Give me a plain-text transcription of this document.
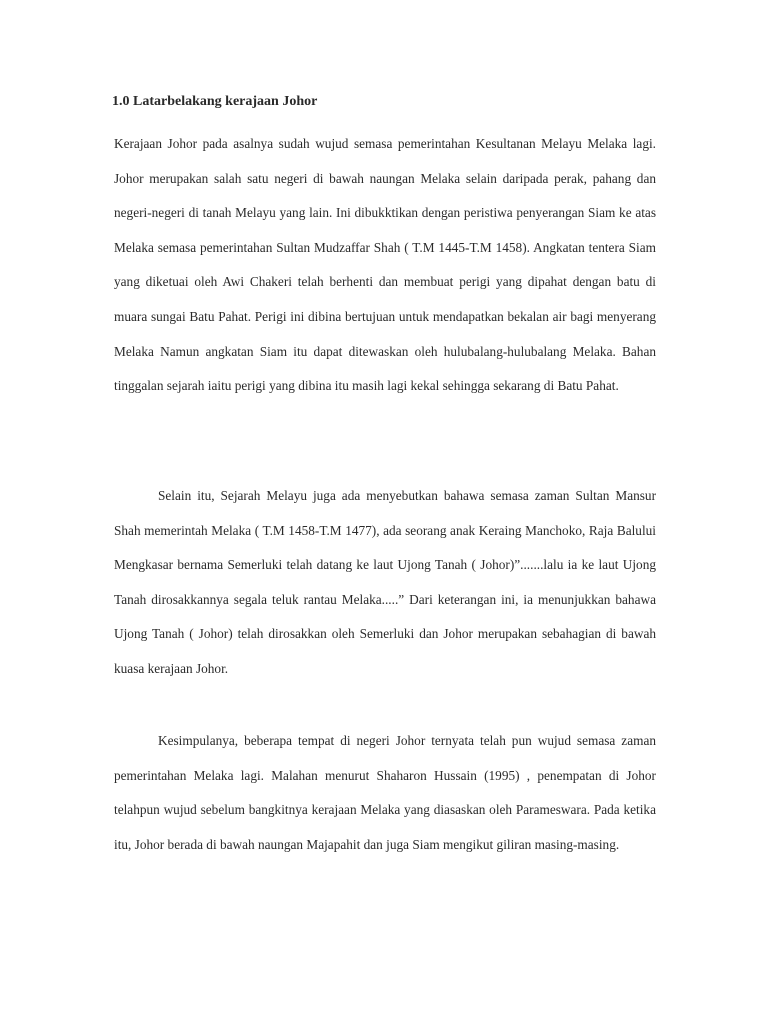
1.0 Latarbelakang kerajaan Johor

Kerajaan Johor pada asalnya sudah wujud semasa pemerintahan Kesultanan Melayu Melaka lagi. Johor merupakan salah satu negeri di bawah naungan Melaka selain daripada perak, pahang dan negeri-negeri di tanah Melayu yang lain. Ini dibukktikan dengan peristiwa penyerangan Siam ke atas Melaka semasa pemerintahan Sultan Mudzaffar Shah ( T.M 1445-T.M 1458). Angkatan tentera Siam yang diketuai oleh Awi Chakeri telah berhenti dan membuat perigi yang dipahat dengan batu di muara sungai Batu Pahat. Perigi ini dibina bertujuan untuk mendapatkan bekalan air bagi menyerang Melaka Namun angkatan Siam itu dapat ditewaskan oleh hulubalang-hulubalang Melaka. Bahan tinggalan sejarah iaitu perigi yang dibina itu masih lagi kekal sehingga sekarang di Batu Pahat.

Selain itu, Sejarah Melayu juga ada menyebutkan bahawa semasa zaman Sultan Mansur Shah memerintah Melaka ( T.M 1458-T.M 1477), ada seorang anak Keraing Manchoko, Raja Balului Mengkasar bernama Semerluki telah datang ke laut Ujong Tanah ( Johor)”.......lalu ia ke laut Ujong Tanah dirosakkannya segala teluk rantau Melaka.....” Dari keterangan ini, ia menunjukkan bahawa Ujong Tanah ( Johor) telah dirosakkan oleh Semerluki dan Johor merupakan sebahagian di bawah kuasa kerajaan Johor.

Kesimpulanya, beberapa tempat di negeri Johor ternyata telah pun wujud semasa zaman pemerintahan Melaka lagi. Malahan menurut Shaharon Hussain (1995) , penempatan di Johor telahpun wujud sebelum bangkitnya kerajaan Melaka yang diasaskan oleh Parameswara. Pada ketika itu, Johor berada di bawah naungan Majapahit dan juga Siam mengikut giliran masing-masing.
